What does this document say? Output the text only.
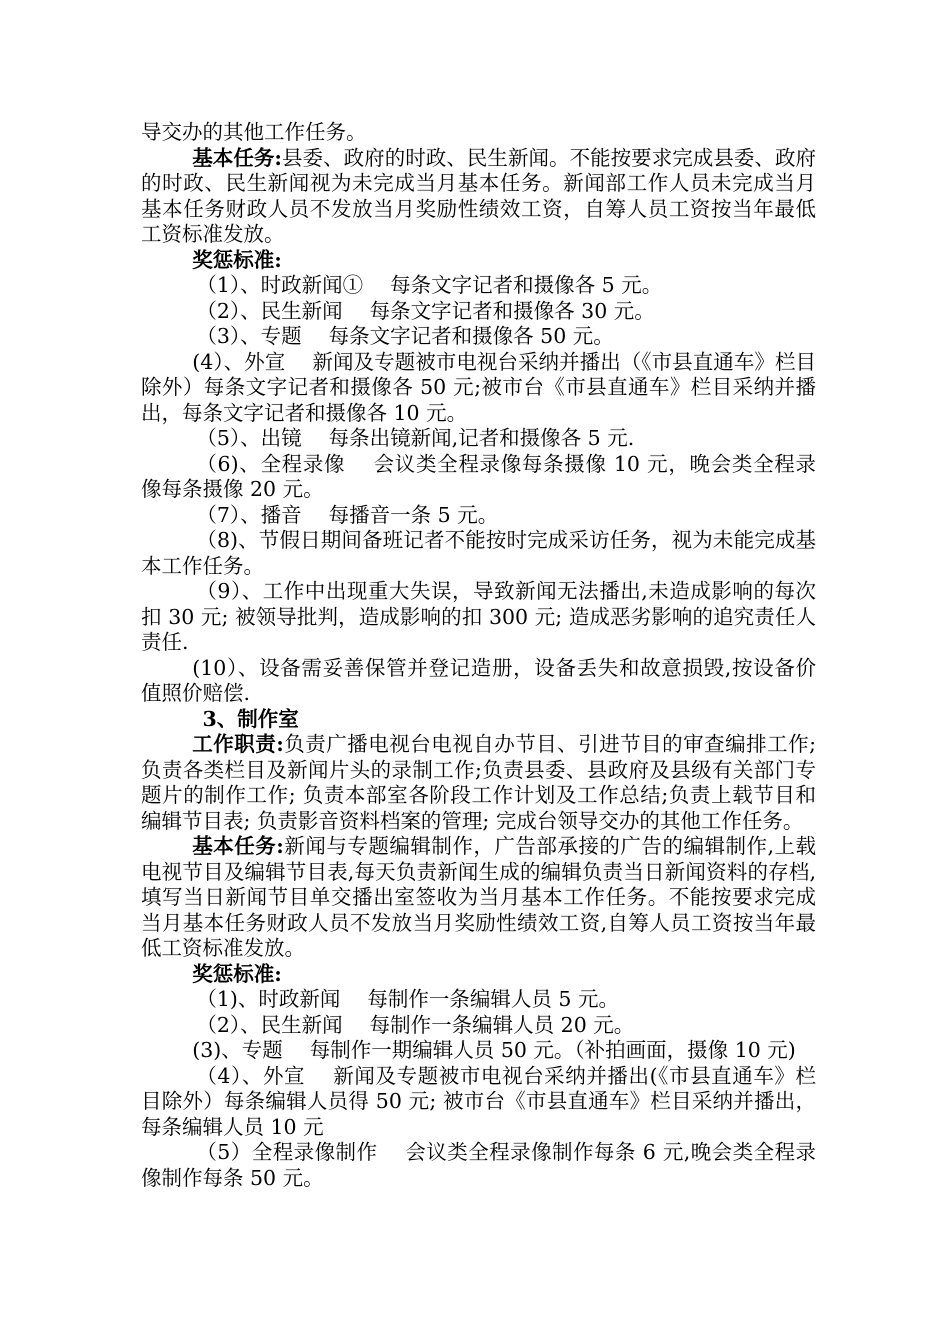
导交办的其他工作任务。

基本任务:县委、政府的时政、民生新闻。不能按要求完成县委、政府的时政、民生新闻视为未完成当月基本任务。新闻部工作人员未完成当月基本任务财政人员不发放当月奖励性绩效工资，自筹人员工资按当年最低工资标准发放。

奖惩标准:

（1）、时政新闻①　 每条文字记者和摄像各 5 元。

（2）、民生新闻　 每条文字记者和摄像各 30 元。

（3）、专题　 每条文字记者和摄像各 50 元。

(4）、外宣　 新闻及专题被市电视台采纳并播出（《市县直通车》栏目除外）每条文字记者和摄像各 50 元;被市台《市县直通车》栏目采纳并播出，每条文字记者和摄像各 10 元。

（5）、出镜　 每条出镜新闻,记者和摄像各 5 元.

（6)、全程录像　 会议类全程录像每条摄像 10 元，晚会类全程录像每条摄像 20 元。

（7）、播音　 每播音一条 5 元。

（8)、节假日期间备班记者不能按时完成采访任务，视为未能完成基本工作任务。

（9）、工作中出现重大失误，导致新闻无法播出,未造成影响的每次扣 30 元; 被领导批判，造成影响的扣 300 元; 造成恶劣影响的追究责任人责任.

(10）、设备需妥善保管并登记造册，设备丢失和故意损毁,按设备价值照价赔偿.

3、制作室

工作职责:负责广播电视台电视自办节目、引进节目的审查编排工作; 负责各类栏目及新闻片头的录制工作;负责县委、县政府及县级有关部门专题片的制作工作; 负责本部室各阶段工作计划及工作总结;负责上载节目和编辑节目表; 负责影音资料档案的管理; 完成台领导交办的其他工作任务。

基本任务:新闻与专题编辑制作，广告部承接的广告的编辑制作,上载电视节目及编辑节目表,每天负责新闻生成的编辑负责当日新闻资料的存档,填写当日新闻节目单交播出室签收为当月基本工作任务。不能按要求完成当月基本任务财政人员不发放当月奖励性绩效工资,自筹人员工资按当年最低工资标准发放。

奖惩标准:

（1)、时政新闻　 每制作一条编辑人员 5 元。

（2）、民生新闻　 每制作一条编辑人员 20 元。

(3)、专题　 每制作一期编辑人员 50 元。（补拍画面，摄像 10 元)

（4）、外宣　 新闻及专题被市电视台采纳并播出(《市县直通车》栏目除外）每条编辑人员得 50 元; 被市台《市县直通车》栏目采纳并播出，每条编辑人员 10 元

（5）全程录像制作　 会议类全程录像制作每条 6 元,晚会类全程录像制作每条 50 元。
